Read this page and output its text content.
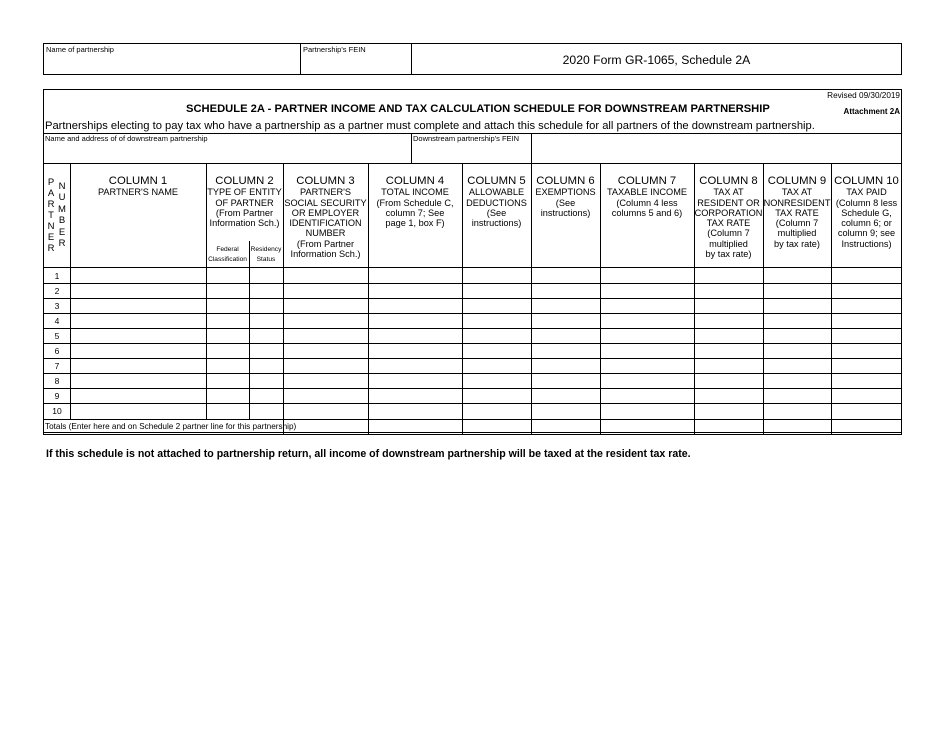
Name of partnership	Partnership's FEIN
2020 Form GR-1065, Schedule 2A
Revised 09/30/2019
Attachment 2A
SCHEDULE 2A - PARTNER INCOME AND TAX CALCULATION SCHEDULE FOR DOWNSTREAM PARTNERSHIP
Partnerships electing to pay tax who have a partnership as a partner must complete and attach this schedule for all partners of the downstream partnership.
Name and address of of downstream partnership	Downstream partnership's FEIN
P
A
R
T
N
E
R
N
U
M
B
E
R

COLUMN 1
PARTNER'S NAME

COLUMN 2
TYPE OF ENTITY
OF PARTNER
(From Partner
Information Sch.)

COLUMN 3
PARTNER'S
SOCIAL SECURITY
OR EMPLOYER
IDENTIFICATION
NUMBER
(From Partner
Information Sch.)

COLUMN 4
TOTAL INCOME
(From Schedule C,
column 7; See
page 1, box F)

COLUMN 5
ALLOWABLE
DEDUCTIONS
(See instructions)

COLUMN 6
EXEMPTIONS
(See
instructions)

COLUMN 7
TAXABLE INCOME
(Column 4 less
columns 5 and 6)

COLUMN 8
TAX AT
RESIDENT OR
CORPORATION
TAX RATE
(Column 7
multiplied
by tax rate)

COLUMN 9
TAX AT
NONRESIDENT
TAX RATE
(Column 7
multiplied
by tax rate)

COLUMN 10
TAX PAID
(Column 8 less
Schedule G,
column 6; or
column 9; see
Instructions)

Federal
Classification
Residency
Status
1
2
3
4
5
6
7
8
9
10
Totals (Enter here and on Schedule 2 partner line for this partnership)
If this schedule is not attached to partnership return, all income of downstream partnership will be taxed at the resident tax rate.
